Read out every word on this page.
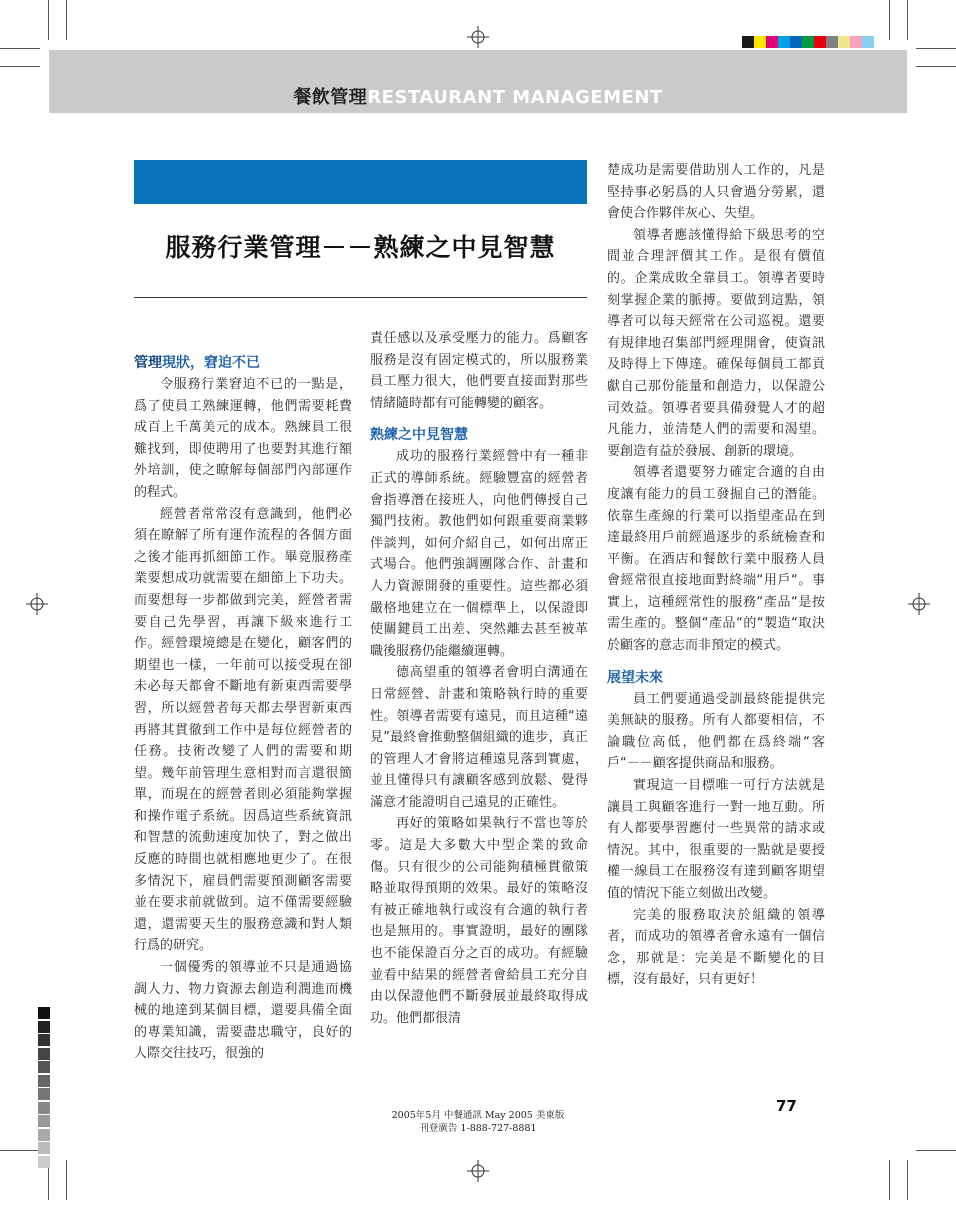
餐飲管理RESTAURANT MANAGEMENT
服務行業管理－－熟練之中見智慧
管理現狀，窘迫不已

令服務行業窘迫不已的一點是，爲了使員工熟練運轉，他們需要耗費成百上千萬美元的成本。熟練員工很難找到，即使聘用了也要對其進行額外培訓，使之瞭解每個部門內部運作的程式。

經營者常常沒有意識到，他們必須在瞭解了所有運作流程的各個方面之後才能再抓細節工作。畢竟服務產業要想成功就需要在細節上下功夫。而要想每一步都做到完美，經營者需要自己先學習，再讓下級來進行工作。經營環境總是在變化，顧客們的期望也一樣，一年前可以接受現在卻未必每天都會不斷地有新東西需要學習，所以經營者每天都去學習新東西再將其貫徹到工作中是每位經營者的任務。技術改變了人們的需要和期望。幾年前管理生意相對而言還很簡單，而現在的經營者則必須能夠掌握和操作電子系統。因爲這些系統資訊和智慧的流動速度加快了，對之做出反應的時間也就相應地更少了。在很多情況下，雇員們需要預測顧客需要並在要求前就做到。這不僅需要經驗還，還需要天生的服務意識和對人類行爲的研究。

一個優秀的領導並不只是通過協調人力、物力資源去創造利潤進而機械的地達到某個目標，還要具備全面的專業知識，需要盡忠職守，良好的人際交往技巧，很強的

責任感以及承受壓力的能力。爲顧客服務是沒有固定模式的，所以服務業員工壓力很大，他們要直接面對那些情緒隨時都有可能轉變的顧客。

熟練之中見智慧

成功的服務行業經營中有一種非正式的導師系統。經驗豐富的經營者會指導潛在接班人，向他們傳授自己獨門技術。教他們如何跟重要商業夥伴談判，如何介紹自己，如何出席正式場合。他們強調團隊合作、計畫和人力資源開發的重要性。這些都必須嚴格地建立在一個標準上，以保證即使關鍵員工出差、突然離去甚至被革職後服務仍能繼續運轉。

德高望重的領導者會明白溝通在日常經營、計畫和策略執行時的重要性。領導者需要有遠見，而且這種“遠見”最終會推動整個組織的進步，真正的管理人才會將這種遠見落到實處，並且懂得只有讓顧客感到放鬆、覺得滿意才能證明自己遠見的正確性。

再好的策略如果執行不當也等於零。這是大多數大中型企業的致命傷。只有很少的公司能夠積極貫徹策略並取得預期的效果。最好的策略沒有被正確地執行或沒有合適的執行者也是無用的。事實證明，最好的團隊也不能保證百分之百的成功。有經驗並看中結果的經營者會給員工充分自由以保證他們不斷發展並最終取得成功。他們都很清

楚成功是需要借助別人工作的，凡是堅持事必躬爲的人只會過分勞累，還會使合作夥伴灰心、失望。

領導者應該懂得給下級思考的空間並合理評價其工作。是很有價值的。企業成敗全靠員工。領導者要時刻掌握企業的脈搏。要做到這點，領導者可以每天經常在公司巡視。還要有規律地召集部門經理開會，使資訊及時得上下傳達。確保每個員工都貢獻自己那份能量和創造力，以保證公司效益。領導者要具備發覺人才的超凡能力，並清楚人們的需要和渴望。要創造有益於發展、創新的環境。

領導者還要努力確定合適的自由度讓有能力的員工發掘自己的潛能。依靠生產線的行業可以指望產品在到達最終用戶前經過逐步的系統檢查和平衡。在酒店和餐飲行業中服務人員會經常很直接地面對終端“用戶“。事實上，這種經常性的服務“產品“是按需生產的。整個“產品“的“製造“取決於顧客的意志而非預定的模式。

展望未來

員工們要通過受訓最終能提供完美無缺的服務。所有人都要相信，不論職位高低，他們都在爲終端“客戶“－－顧客提供商品和服務。

實現這一目標唯一可行方法就是讓員工與顧客進行一對一地互動。所有人都要學習應付一些異常的請求或情況。其中，很重要的一點就是要授權一線員工在服務沒有達到顧客期望值的情況下能立刻做出改變。

完美的服務取決於組織的領導者，而成功的領導者會永遠有一個信念，那就是：完美是不斷變化的目標，沒有最好，只有更好！

2005年5月 中餐通訊 May 2005 美東版
刊登廣告 1-888-727-8881
77
